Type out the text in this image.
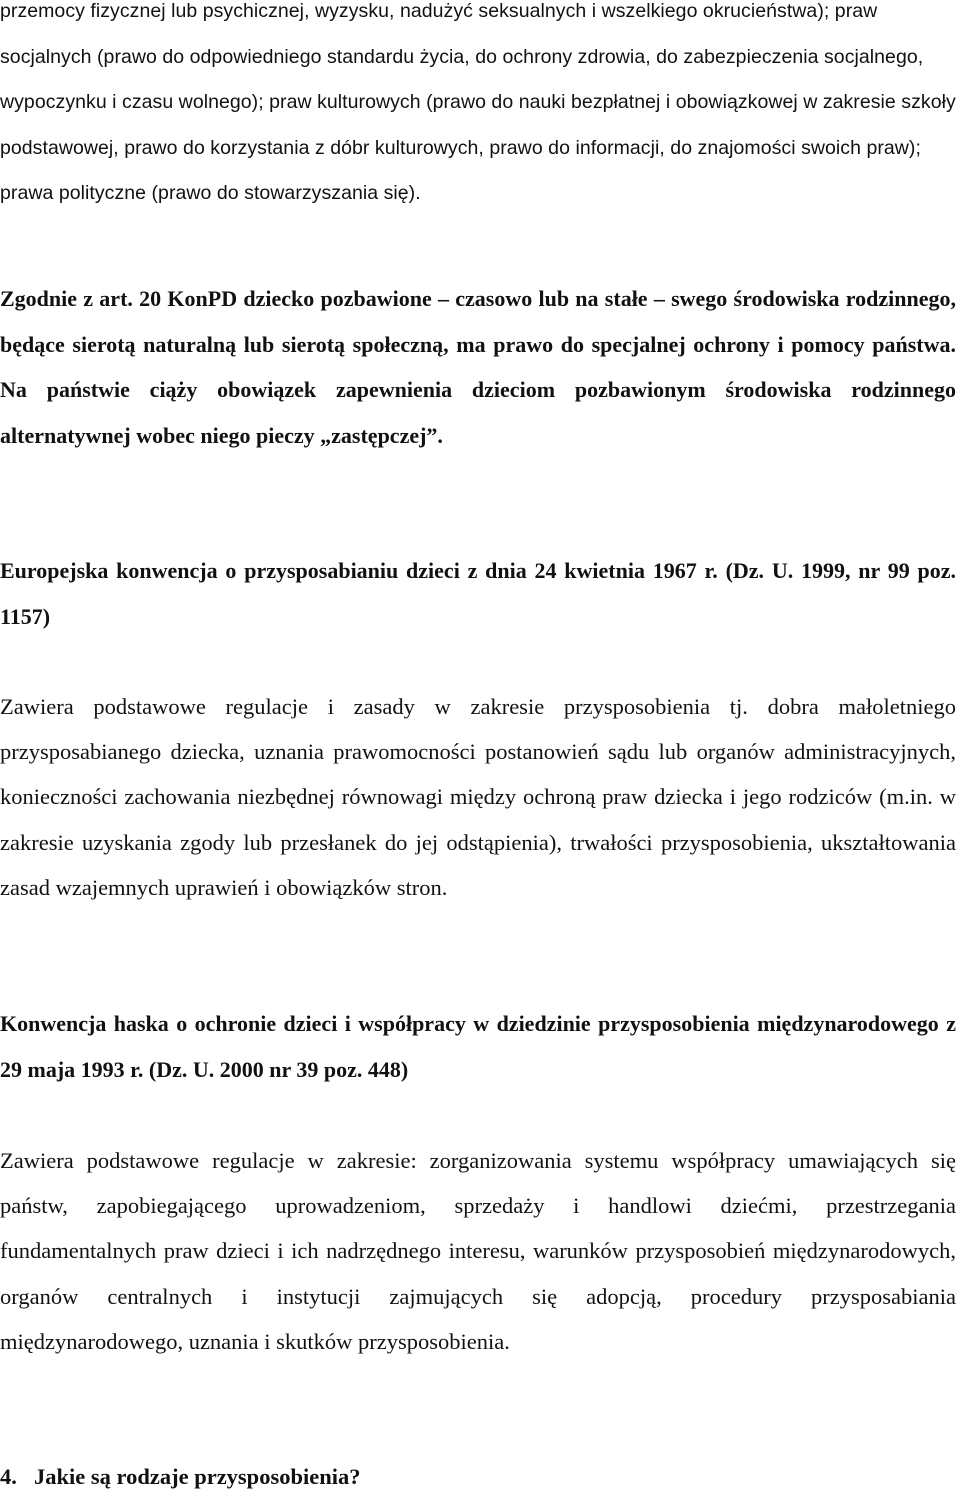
przemocy fizycznej lub psychicznej, wyzysku, nadużyć seksualnych i wszelkiego okrucieństwa); praw socjalnych (prawo do odpowiedniego standardu życia, do ochrony zdrowia, do zabezpieczenia socjalnego, wypoczynku i czasu wolnego); praw kulturowych (prawo do nauki bezpłatnej i obowiązkowej w zakresie szkoły podstawowej, prawo do korzystania z dóbr kulturowych, prawo do informacji, do znajomości swoich praw); prawa polityczne (prawo do stowarzyszania się).

Zgodnie z art. 20 KonPD dziecko pozbawione – czasowo lub na stałe – swego środowiska rodzinnego, będące sierotą naturalną lub sierotą społeczną, ma prawo do specjalnej ochrony i pomocy państwa. Na państwie ciąży obowiązek zapewnienia dzieciom pozbawionym środowiska rodzinnego alternatywnej wobec niego pieczy „zastępczej”.

Europejska konwencja o przysposabianiu dzieci z dnia 24 kwietnia 1967 r. (Dz. U. 1999, nr 99 poz. 1157)

Zawiera podstawowe regulacje i zasady w zakresie przysposobienia tj. dobra małoletniego przysposabianego dziecka, uznania prawomocności postanowień sądu lub organów administracyjnych, konieczności zachowania niezbędnej równowagi między ochroną praw dziecka i jego rodziców (m.in. w zakresie uzyskania zgody lub przesłanek do jej odstąpienia), trwałości przysposobienia, ukształtowania zasad wzajemnych uprawień i obowiązków stron.

Konwencja haska o ochronie dzieci i współpracy w dziedzinie przysposobienia międzynarodowego z 29 maja 1993 r. (Dz. U. 2000 nr 39 poz. 448)

Zawiera podstawowe regulacje w zakresie: zorganizowania systemu współpracy umawiających się państw, zapobiegającego uprowadzeniom, sprzedaży i handlowi dziećmi, przestrzegania fundamentalnych praw dzieci i ich nadrzędnego interesu, warunków przysposobień międzynarodowych, organów centralnych i instytucji zajmujących się adopcją, procedury przysposabiania międzynarodowego, uznania i skutków przysposobienia.

4. Jakie są rodzaje przysposobienia?
